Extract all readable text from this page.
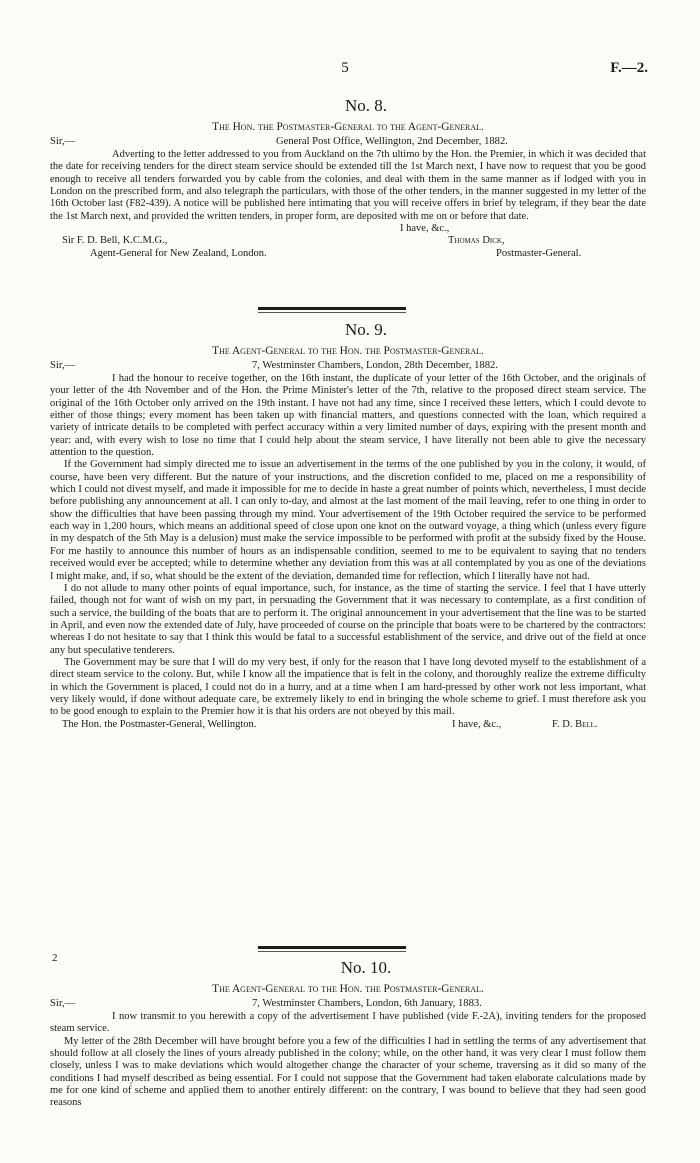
5	F.—2.
No. 8.
The Hon. the Postmaster-General to the Agent-General.
Sir,—	General Post Office, Wellington, 2nd December, 1882.

Adverting to the letter addressed to you from Auckland on the 7th ultimo by the Hon. the Premier, in which it was decided that the date for receiving tenders for the direct steam service should be extended till the 1st March next, I have now to request that you be good enough to receive all tenders forwarded you by cable from the colonies, and deal with them in the same manner as if lodged with you in London on the prescribed form, and also telegraph the particulars, with those of the other tenders, in the manner suggested in my letter of the 16th October last (F82-439). A notice will be published here intimating that you will receive offers in brief by telegram, if they bear the date the 1st March next, and provided the written tenders, in proper form, are deposited with me on or before that date.

I have, &c.,
Sir F. D. Bell, K.C.M.G.,	Thomas Dick,
Agent-General for New Zealand, London.	Postmaster-General.
No. 9.
The Agent-General to the Hon. the Postmaster-General.
Sir,—	7, Westminster Chambers, London, 28th December, 1882.

I had the honour to receive together, on the 16th instant, the duplicate of your letter of the 16th October, and the originals of your letter of the 4th November and of the Hon. the Prime Minister's letter of the 7th, relative to the proposed direct steam service. The original of the 16th October only arrived on the 19th instant. I have not had any time, since I received these letters, which I could devote to either of those things; every moment has been taken up with financial matters, and questions connected with the loan, which required a variety of intricate details to be completed with perfect accuracy within a very limited number of days, expiring with the present month and year: and, with every wish to lose no time that I could help about the steam service, I have literally not been able to give the necessary attention to the question.

If the Government had simply directed me to issue an advertisement in the terms of the one published by you in the colony, it would, of course, have been very different. But the nature of your instructions, and the discretion confided to me, placed on me a responsibility of which I could not divest myself, and made it impossible for me to decide in haste a great number of points which, nevertheless, I must decide before publishing any announcement at all. I can only to-day, and almost at the last moment of the mail leaving, refer to one thing in order to show the difficulties that have been passing through my mind. Your advertisement of the 19th October required the service to be performed each way in 1,200 hours, which means an additional speed of close upon one knot on the outward voyage, a thing which (unless every figure in my despatch of the 5th May is a delusion) must make the service impossible to be performed with profit at the subsidy fixed by the House. For me hastily to announce this number of hours as an indispensable condition, seemed to me to be equivalent to saying that no tenders received would ever be accepted; while to determine whether any deviation from this was at all contemplated by you as one of the deviations I might make, and, if so, what should be the extent of the deviation, demanded time for reflection, which I literally have not had.

I do not allude to many other points of equal importance, such, for instance, as the time of starting the service. I feel that I have utterly failed, though not for want of wish on my part, in persuading the Government that it was necessary to contemplate, as a first condition of such a service, the building of the boats that are to perform it. The original announcement in your advertisement that the line was to be started in April, and even now the extended date of July, have proceeded of course on the principle that boats were to be chartered by the contractors: whereas I do not hesitate to say that I think this would be fatal to a successful establishment of the service, and drive out of the field at once any but speculative tenderers.

The Government may be sure that I will do my very best, if only for the reason that I have long devoted myself to the establishment of a direct steam service to the colony. But, while I know all the impatience that is felt in the colony, and thoroughly realize the extreme difficulty in which the Government is placed, I could not do in a hurry, and at a time when I am hard-pressed by other work not less important, what very likely would, if done without adequate care, be extremely likely to end in bringing the whole scheme to grief. I must therefore ask you to be good enough to explain to the Premier how it is that his orders are not obeyed by this mail.

The Hon. the Postmaster-General, Wellington.	I have, &c.,	F. D. Bell.
2	No. 10.
The Agent-General to the Hon. the Postmaster-General.
Sir,—	7, Westminster Chambers, London, 6th January, 1883.

I now transmit to you herewith a copy of the advertisement I have published (vide F.-2A), inviting tenders for the proposed steam service.

My letter of the 28th December will have brought before you a few of the difficulties I had in settling the terms of any advertisement that should follow at all closely the lines of yours already published in the colony; while, on the other hand, it was very clear I must follow them closely, unless I was to make deviations which would altogether change the character of your scheme, traversing as it did so many of the conditions I had myself described as being essential. For I could not suppose that the Government had taken elaborate calculations made by me for one kind of scheme and applied them to another entirely different: on the contrary, I was bound to believe that they had seen good reasons
